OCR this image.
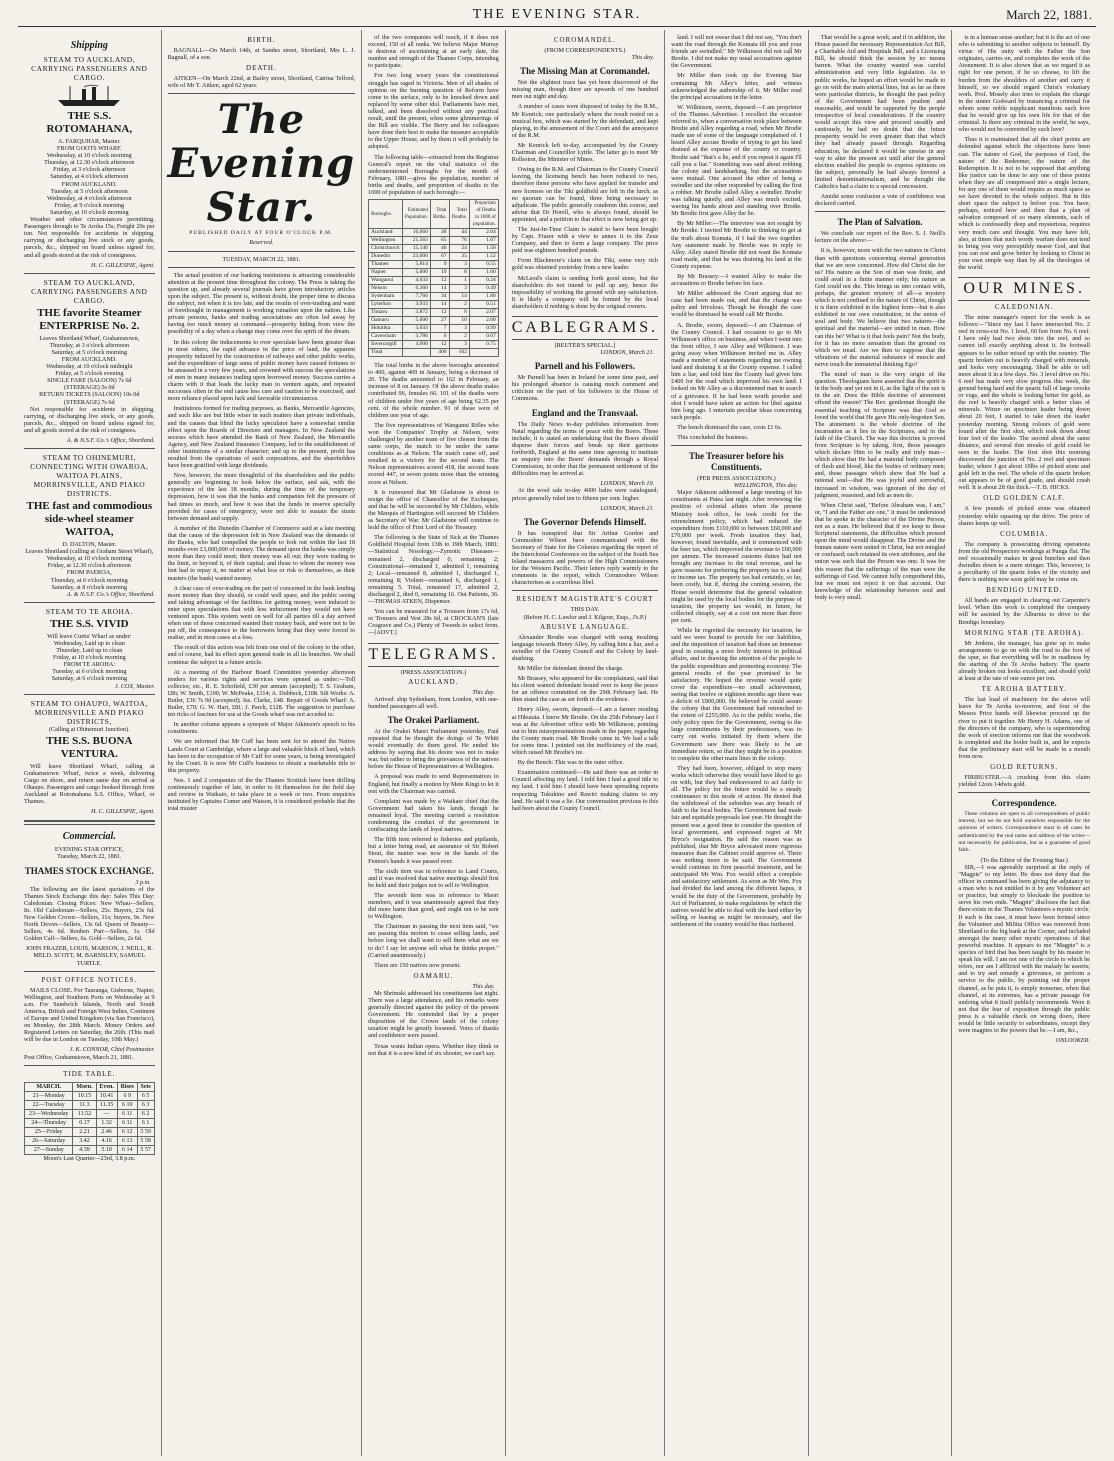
THE EVENING STAR.	March 22, 1881.
Shipping
STEAM TO AUCKLAND, CARRYING PASSENGERS AND CARGO.
THE S.S. ROTOMAHANA,
A. FARQUHAR, Master.
FROM GOOTS WHARF.
Wednesday, at 10 o'clock morning
Thursday, at 12.30 o'clock afternoon
Friday, at 3 o'clock afternoon
Saturday, at 4 o'clock afternoon
FROM AUCKLAND.
Tuesday, at 5 o'clock afternoon
Wednesday, at 4 o'clock afternoon
Friday, at 9 o'clock morning
Saturday, at 10 o'clock morning

Weather and other circumstances permitting. Passengers through to Te Aroha 15s; Freight 20s per ton. Not responsible for accidents in shipping, carrying or discharging live stock or any goods, parcels, &c., shipped on board unless signed for, and all goods stored at the risk of consignees.

H. C. GILLESPIE, Agent.
STEAM TO AUCKLAND, CARRYING PASSENGERS AND CARGO.
THE favorite Steamer ENTERPRISE No. 2.
Leaves Shortland Wharf, Grahamstown,
Thursday, at 3 o'clock afternoon
Saturday, at 5 o'clock morning
FROM AUCKLAND.
Wednesday, at 10 o'clock midnight
Friday, at 5 o'clock evening
SINGLE FARE (SALOON) 7s 6d
(STEERAGE) 5s 0d
RETURN TICKETS (SALOON) 10s 0d
(STEERAGE) 7s 6d

Not responsible for accidents in shipping, carrying, or discharging live stock, or any goods, parcels, &c., shipped on board unless signed for, and all goods stored at the risk of consignees.

A. & N.S.F. Co.'s Office, Shortland.
STEAM TO OHINEMURI, CONNECTING WITH OWAROA, WAITOA PLAINS, MORRINSVILLE, AND PIAKO DISTRICTS.
THE fast and commodious side-wheel steamer WAITOA,
D. DALTON, Master.
Leaves Shortland (calling at Graham Street Wharf),
Wednesday, at 10 o'clock morning
Friday, at 12.30 o'clock afternoon
FROM PAEROA,
Thursday, at 6 o'clock morning
Saturday, at 8 o'clock morning
A. & N.S.F. Co.'s Office, Shortland.
STEAM TO TE AROHA.
THE S.S. VIVID
Will leave Curtis' Wharf as under:
Wednesday, Laid up to clean
Thursday, Laid up to clean
Friday, at 10 o'clock morning
FROM TE AROHA:
Tuesday, at 6 o'clock morning
Saturday, at 6 o'clock morning
J. COX, Master.
STEAM TO OHAUPO, WAITOA, MORRINSVILLE AND PIAKO DISTRICTS,
(Calling at Ohinemuri Junction).
THE S.S. BUONA VENTURA.

Will leave Shortland Wharf, calling at Grahamstown Wharf, twice a week, delivering Cargo en shore, and return same day on arrival at Ohaupo. Passengers and cargo booked through from Auckland at Rotomahana S.S. Office, Wharf, or Thames.

H. C. GILLESPIE, Agent.
Commercial.
EVENING STAR OFFICE,
Tuesday, March 22, 1881.
THAMES STOCK EXCHANGE.
3 p.m.

The following are the latest quotations of the Thames Stock Exchange this day: Sales This Day: Caledonian. Closing Prices: New Whau—Sellers, 8s. Old Caledonian—Sellers, 25s. Buyers, 23s 6d. New Golden Crown—Sellers, 11s; buyers, 9s. New North Devon—Sellers, 13s 6d. Queen of Beauty—Sellers, 4s 6d. Reuben Parr—Sellers, 1s. Old Golden Calf—Sellers, 6s. Gold—Sellers, 2s 6d.

JOHN FRAZER, LOUIS, MARSON, J. NEILL, R. MELD. SCOTT, M. BARNSLEY, SAMUEL TURTLE.
POST OFFICE NOTICES.

MAILS CLOSE. For Tauranga, Gisborne, Napier, Wellington, and Southern Ports on Wednesday at 9 a.m. For Sandwich Islands, North and South America, British and Foreign West Indies, Continent of Europe and United Kingdom (via San Francisco), on Monday, the 28th March. Money Orders and Registered Letters on Saturday, the 26th. (This mail will be due in London on Tuesday, 10th May.)

J. K. CONNOR, Chief Postmaster.
Post Office, Grahamstown, March 21, 1881.
TIDE TABLE.
MARCH.	Morn.	Even.	Rises	Sets
21—Monday	10.15	10.41	6 9	6 5
22—Tuesday	11.3	11.35	6 10	6 3
23—Wednesday	11.52	—	6 11	6 2
24—Thursday	0.17	1.32	6 11	6 1
25—Friday	2.21	2.46	6 12	5 59
26—Saturday	3.42	4.16	6 13	5 58
27—Sunday	4.39	5.10	6 14	5 57
Moon's Last Quarter—23rd, 3.8 p.m.
BIRTH.

BAGNALL—On March 14th, at Sandes street, Shortland, Mrs L. J. Bagnall, of a son.

DEATH.

AITKEN—On March 22nd, at Bailey street, Shortland, Catrina Telford, wife of Mr T. Aitken, aged 62 years.

The Evening Star.
PUBLISHED DAILY AT FOUR O'CLOCK P.M.
Reserved.
TUESDAY, MARCH 22, 1881.

The actual position of our banking institutions is attracting considerable attention at the present time throughout the colony. The Press is taking the question up, and already several journals have given introductory articles upon the subject. The present is, without doubt, the proper time to discuss the subject, not when it is too late, and the results of over-trading and want of forethought in management is working ruination upon the nation. Like private persons, banks and trading associations are often led away by having too much money at command—prosperity hiding from view the possibility of a day when a change may come over the spirit of the dream.

In this colony the inducements to over speculate have been greater than in most others; the rapid advance in the price of land, the apparent prosperity induced by the construction of railways and other public works, and the expenditure of large sums of public money have caused fortunes to be amassed in a very few years, and crowned with success the speculations of men in many instances trading upon borrowed money. Success carries a charm with it that leads the lucky man to venture again, and repeated successes often in the end cause less care and caution to be exercised, and more reliance placed upon luck and favorable circumstances.

Institutions formed for trading purposes, as Banks, Mercantile Agencies, and such like are but little wiser in such matters than private individuals, and the causes that blind the lucky speculator have a somewhat similar effect upon the Boards of Directors and managers. In New Zealand the seceses which have attended the Bank of New Zealand, the Mercantile Agency, and New Zealand Insurance Company, led to the establishment of other institutions of a similar character; and up to the present, profit has resulted from the operations of such corporations, and the shareholders have been gratified with large dividends.

Now, however, the more thoughtful of the shareholders and the public generally are beginning to look below the surface, and ask, with the experience of the last 18 months, during the time of the temporary depression, how it was that the banks and companies felt the pressure of bad times so much, and how it was that the funds in reserve specially provided for cases of emergency, were not able to sustain the strain between demand and supply.

A member of the Dunedin Chamber of Commerce said at a late meeting that the cause of the depression felt in New Zealand was the demands of the Banks, who had compelled the people to fork out within the last 18 months over £3,000,000 of money. The demand upon the banks was simply more than they could meet; their money was all out; they were trading to the limit, or beyond it, of their capital; and those to whom the money was lent had to repay it, no matter at what loss or risk to themselves, as their masters (the bank) wanted money.

A clear case of over-trading on the part of concerned in the bank lending more money than they should, or could well spare, and the public seeing and taking advantage of the facilities for getting money, were induced to enter upon speculations that with less inducement they would not have ventured upon. This system went on well for all parties till a day arrived when one of those concerned wanted their money back, and were not to be put off, the consequence to the borrowers being that they were forced to realise, and in most cases at a loss.

The result of this action was felt from one end of the colony to the other, and of course, had its effect upon general trade in all its branches. We shall continue the subject in a future article.

At a meeting of the Harbour Board Committee yesterday afternoon tenders for various rights and services were opened as under:—Toll collector, etc., R. E. Schofield, £30 per annum (accepted); T. S. Graham, £86; W. Smith, £100; W. McPeake, £114; A. Dubbeck, £108. Silt Works: A. Butler, £36 7s 9d (accepted); Jas. Clarke, £48. Repair of Goods Wharf: A. Butler, £70; G. W. Hart, £81; J. Parch, £128. The suggestion to purchase ten ricks of fascines for use at the Goods wharf was not acceded to.

In another column appears a synopsis of Major Atkinson's speech to his constituents.

We are informed that Mr Cuff has been sent for to attend the Native Lands Court at Cambridge, where a large and valuable block of land, which has been in the occupation of Mr Cuff for some years, is being investigated by the Court. It is now Mr Cuff's business to obtain a marketable title to this property.

Nos. 1 and 2 companies of the the Thames Scottish have been drilling continuously together of late, in order to fit themselves for the field day and review in Waikato, to take place in a week or two. From enquiries instituted by Captains Comer and Watson, it is considered probable that the total muster

of the two companies will reach, if it does not exceed, 150 of all ranks. We believe Major Murray is desirous of ascertaining at an early date, the number and strength of the Thames Corps, intending to participate.

For two long weary years the constitutional struggle has raged in Victoria. Men of all shades of opinion on the burning question of Reform have come to the surface, only to be knocked down and replaced by some other idol. Parliaments have met, talked, and been dissolved without any practical result, until the present, when some glimmerings of the Bill are visible. The Berry and his colleagues have done their best to make the measure acceptable to the Upper House, and by them it will probably be adopted.

The following table—extracted from the Registrar General's report on the vital statistics of the undermentioned Boroughs for the month of February, 1881—gives the population, number of births and deaths, and proportion of deaths to the 1000 of population of each borough:—

Boroughs.	Estimated Population.	Total Births.	Total Deaths.	Proportion of Deaths to 1000 of population.
Auckland	16,660	48	44	2.64
Wellington	21,563	65	76	1.67
Christchurch	15,146	40	24	1.58
Dunedin	23,000	67	35	1.52
Thames	5,814	9	3	0.55
Napier	5,000	19	8	1.60
Wanganui	4,033	12	1	0.24
Nelson	6,360	14	3	0.49
Sydenham	7,766	34	14	1.80
Lyttelton	3,933	14	2	0.51
Timaru	3,872	12	8	2.07
Oamaru	5,000	27	10	2.00
Hokitika	3,033	7	3	0.99
Caversham	3,786	6	2	0.67
Invercargill	4,000	12	3	0.75
Total		400	162	

The total births in the above boroughs amounted to 400, against 409 in January, being a decrease of 20. The deaths amounted to 162 in February, an increase of 8 on January. Of the above deaths males contributed 96, females 66. 101 of the deaths were of children under five years of age being 62.35 per cent. of the whole number. 91 of these were of children one year of age.

The five representatives of Wanganui Rifles who won the Companies' Trophy at Nelson, were challenged by another team of five chosen from the same corps, the match to be under the same conditions as at Nelson. The match came off, and resulted in a victory for the second team. The Nelson representatives scored 418, the second team scored 447, or seven points more than the winning score at Nelson.

It is rumoured that Mr Gladstone is about to resign the office of Chancellor of the Exchequer, and that he will be succeeded by Mr Childers, while the Marquis of Hartington will succeed Mr Childers as Secretary of War. Mr Gladstone will continue to hold the office of First Lord of the Treasury.

The following is the State of Sick at the Thames Goldfield Hospital from 13th to 19th March, 1881:—Statistical Nosology.—Zymotic Diseases—remained 2, discharged 0, remaining 2; Constitutional—remained 1, admitted 1, remaining 2; Local—remained 8, admitted 1, discharged 1, remaining 8; Violent—remained 6, discharged 1, remaining 5. Total, remained 17, admitted 2, discharged 2, died 0, remaining 16. Out Patients, 36.—THOMAS ATKEN, Dispenser.

You can be measured for a Trousers from 17s 6d, or Trousers and Vest 28s 6d, at CROCKAN'S (late Cosgrave and Co.) Plenty of Tweeds to select from.—[ADVT.]

TELEGRAMS.
(PRESS ASSOCIATION.)
AUCKLAND.
This day.

Arrived: ship Sydenham, from London, with one-hundred passengers all well.

The Orakei Parliament.

At the Orakei Maori Parliament yesterday, Paul repeated that he thought the doings of Te Whiti would eventually do them good. He ended his address by saying that his desire was not to make war, but rather to bring the grievances of the natives before the House of Representatives at Wellington.

A proposal was made to send Representatives to England, but finally a motion by Mete Kingi to let it rest with the Chairman was carried.

Complaint was made by a Waikato chief that the Government had taken his lands, though he remained loyal. The meeting carried a resolution condemning the conduct of the government in confiscating the lands of loyal natives.

The fifth item referred to fisheries and pipilands, but a letter being read, an assurance of Sir Robert Stout, the matter was now in the hands of the Fenton's hands it was passed over.

The sixth item was in reference to Land Courts, and it was resolved that native meetings should first be held and their judges not to sell to Wellington.

The seventh item was in reference to Maori members, and it was unanimously agreed that they did more harm than good, and ought not to be sent to Wellington.

The Chairman in passing the next item said, "we are passing this motion to cease selling lands, and before long we shall want to sell them what are we to do? I say let anyone sell what he thinks proper." (Carried unanimously.)

There are 150 natives now present.

OAMARU.
This day.

Mr Shrimski addressed his constituents last night. There was a large attendance, and his remarks were generally directed against the policy of the present Government. He contended that by a proper disposition of the Crown lands of the colony taxation might be greatly lessened. Votes of thanks and confidence were passed.

Texas wants Indian opera. Whether they think or not that it is a new kind of six shooter, we can't say.

COROMANDEL.
(FROM CORRESPONDENTS.)
This day.
The Missing Man at Coromandel.

Not the slightest trace has yet been discovered of the missing man, though there are upwards of one hundred men out night and day.

A number of cases were disposed of today by the R.M., Mr Kenrick; one particularly where the result rested on a musical box, which was started by the defendant, and kept playing, to the amusement of the Court and the annoyance of the R.M.

Mr Kenrick left to-day, accompanied by the County Chairman and Councillor Lyttle. The latter go to meet Mr Rolleston, the Minister of Mines.

Owing to the R.M. and Chairman to the County Council leaving, the licensing bench has been reduced to two, therefore those persons who have applied for transfer and new licenses on the Tiki goldfield are left in the lurch, as no quorum can be found, three being necessary to adjudicate. The public generally condemn this course, and advise that Dr Horell, who is always found, should be appointed, and a petition to that effect is now being got up.

The Just-In-Time Claim is stated to have been bought by Capt. Frazer with a view to annex it to the Zeus Company, and then to form a large company. The price paid was eighteen hundred pounds.

From Blackmore's claim on the Tiki, some very rich gold was obtained yesterday from a new leader.

McLeod's claim is sending forth good stone, but the shareholders do not intend to pull up any, hence the impossibility of working the ground with any satisfaction. It is likely a company will be formed by the local shareholders if nothing is done by the original owners.

CABLEGRAMS.
[REUTER'S SPECIAL.]
LONDON, March 21.
Parnell and his Followers.

Mr Parnell has been in Ireland for some time past, and his prolonged absence is causing much comment and criticism on the part of his followers in the House of Commons.

England and the Transvaal.

The Daily News to-day publishes information from Natal regarding the terms of peace with the Boers. These include, it is stated an undertaking that the Boers should disperse their forces and break up their garrisons forthwith, England at the same time agreeing to institute an enquiry into the Boers' demands through a Royal Commission, in order that the permanent settlement of the difficulties may be arrived at.

LONDON, March 19.

At the wool sale to-day 4000 bales were catalogued; prices generally ruled ten to fifteen per cent. higher.

LONDON, March 21.
The Governor Defends Himself.

It has transpired that Sir Arthur Gordon and Commodore Wilson have communicated with the Secretary of State for the Colonies regarding the report of the Interclonial Conference on the subject of the South Sea Island massacres and powers of the High Commissioners for the Western Pacific. Their letters reply warmly to the comments in the report, which Commodore Wilson characterises as a scurrilous libel.

RESIDENT MAGISTRATE'S COURT
THIS DAY.
(Before H. C. Lawlor and J. Kilgour, Esqs., J's.P.)
ABUSIVE LANGUAGE.

Alexander Brodie was charged with using insulting language towards Henry Alley, by calling him a liar, and a swindler of the County Council and the Colony by land-sharking.

Mr Miller for defendant denied the charge.

Mr Brassey, who appeared for the complainant, said that his client wanted defendant bound over to keep the peace for an offence committed on the 29th February last. He then stated the case as set forth in the evidence.

Henry Alley, sworn, deposed:—I am a farmer residing at Hikutaia. I know Mr Brodie. On the 25th February last I was at the Advertiser office with Mr Wilkinson, pointing out to him misrepresentations made in the paper, regarding the County main road. Mr Brodie came in. We had a talk for some time. I pointed out the inefficiency of the road, which raised Mr Brodie's ire.

By the Bench: This was in the outer office.

Examination continued:—He said there was an order in Council affecting my land. I told him I had a good title to my land. I told him I should have been spreading reports respecting Tukukino and Rawiri making claims to my land. He said it was a lie. Our conversation previous to this had been about the County Council.

land. I will not swear that I did not say, "You don't want the road through the Komata till you and your friends are swindled." Mr Wilkinson did not call Mr Brodie. I did not make my usual accusations against the Government.

Mr Miller then took up the Evening Star containing Mr Alley's letter, and witness acknowledged the authorship of it. Mr Miller read the principal accusations in the letter.

W. Wilkinson, sworn, deposed:—I am proprietor of the Thames Advertiser. I recollect the occasion referred to, when a conversation took place between Brodie and Alley regarding a road, when Mr Brodie made use of some of the language complained of. I heard Alley accuse Brodie of trying to get his land drained at the expense of the county or country. Brodie said "that's a lie, and if you repeat it again I'll call you a liar." Something was said about robbing the colony and landsharking, but the accusations were mutual. One accused the other of being a swindler and the other responded by calling the first a robber. Mr Brodie called Alley a swindler. Brodie was talking quietly, and Alley was much excited, waving his hands about and standing over Brodie. Mr Brodie first gave Alley the lie.

By Mr Miller:—The interview was not sought by Mr Brodie. I invited Mr Brodie to thinking to get at the truth about Komata, if I had the two together. Any statement made by Brodie was in reply to Alley. Alley stated Brodie did not want the Komata road made, and that he was draining his land at the County expense.

By Mr Brassey:—I wanted Alley to make the accusations to Brodie before his face.

Mr Miller addressed the Court arguing that no case had been made out, and that the charge was paltry and frivolous. Though he thought the case would be dismissed he would call Mr Brodie.

A. Brodie, sworn, deposed:—I am Chairman of the County Council. I had occasion to go to Mr Wilkinson's office on business, and when I went into the front office, I saw Alley and Wilkinson. I was going away when Wilkinson invited me in. Alley made a number of statements regarding me owning land and draining it at the County expense. I called him a liar, and told him the County had given him £400 for the road which improved his own land. I looked on Mr Alley as a discontented man in search of a grievance. If he had been worth powder and shot I would have taken an action for libel against him long ago. I entertain peculiar ideas concerning such people.

The bench dismissed the case, costs £1 6s.

This concluded the business.

The Treasurer before his Constituents.
(PER PRESS ASSOCIATION.)
WELLINGTON, This day.

Major Atkinson addressed a large meeting of his constituents at Patea last night. After reviewing the position of colonial affairs when the present Ministry took office, he took credit for the retrenchment policy, which had reduced the expenditure from £110,000 to between £60,000 and £70,000 per week. Fresh taxation they had, however, found inevitable, and it commenced with the beer tax, which improved the revenue to £60,000 per annum. The increased customs duties had not brought any increase to the total revenue, and he gave reasons for preferring the property tax to a land or income tax. The property tax had certainly, so far, been costly, but if, during the coming session, the House would determine that the general valuation might be used by the local bodies for the purpose of taxation, the property tax would, in future, be collected cheaply, say at a cost not more than three per cent.

While he regretted the necessity for taxation, he said we were bound to provide for our liabilities, and the imposition of taxation had done an immense good in creating a more lively interest in political affairs, and in drawing the attention of the people to the public expenditure and promoting economy. The general results of the year promised to be satisfactory. He hoped the revenue would quite cover the expenditure—no small achievement, seeing that twelve or eighteen months ago there was a deficit of £900,000. He believed he could assure the colony that the Government had retrenched to the extent of £255,000. As to the public works, the only policy open for the Government, owing to the large commitments by their predecessors, was to carry out works initiated by them where the Government saw there was likely to be an immediate return, so that they might be in a position to complete the other main lines in the colony.

They had been, however, obliged to stop many works which otherwise they would have liked to go on with, but they had endeavoured to act fairly to all. The policy for the future would be a steady continuance in this mode of action. He denied that the withdrawal of the subsidies was any breach of faith to the local bodies. The Government had made fair and equitable proposals last year. He thought the present was a good time to consider the question of local government, and expressed regret at Mr Bryce's resignation. He said the reason was as published, that Mr Bryce advocated more vigorous measures than the Cabinet could approve of. There was nothing more to be said. The Government would continue its firm peaceful treatment, and he anticipated Mr Wm. Fox would effect a complete and satisfactory settlement. As soon as Mr Wm. Fox had divided the land among the different hapus, it would be the duty of the Government, probably by Act of Parliament, to make regulations by which the natives would be able to deal with the land either by selling or leasing as might be necessary, and the settlement of the country would be thus furthered.

That would be a great work, and if in addition, the House passed the necessary Representation Act Bill, a Charitable Aid and Hospitals Bill, and a Licensing Bill, he should think the session by no means barren. What the country wanted was careful administration and very little legislation. As to public works, he hoped an effort would be made to go on with the main arterial lines, but as far as there were particular districts, he thought the past policy of the Government had been prudent and reasonable, and would be supported by the people irrespective of local considerations. If the country would accept this view and proceed steadily and cautiously, he had no doubt that the future prosperity would be even greater than that which they had already passed through. Regarding education, he declared it would be unwise in any way to alter the present act until after the general election enabled the people to express opinions on the subject, personally he had always favored a limited denominationalism, and he thought the Catholics had a claim to a special concession.

Amidst some confusion a vote of confidence was declared carried.

The Plan of Salvation.

We conclude our report of the Rev. S. J. Neill's lecture on the above:—

It is, however, more with the two natures in Christ than with questions concerning eternal generation that we are now concerned. How did Christ die for us? His nature as the Son of man was finite, and could avail in a finite manner only; his nature as God could not die. This brings us into contact with, perhaps, the greatest mystery of all—a mystery which is not confined to the nature of Christ, though it is there exhibited in the highest form—but is also exhibited in our own constitution, in the union of soul and body. We believe that two natures—the spiritual and the material—are united in man. How can this be? What is it that feels pain? Not the body, for it has no more sensation than the ground on which we tread. Are we then to suppose that the vibrations of the material substance of muscle and nerve touch the immaterial thinking Ego?

The mind of man is the very origin of the question. Theologians have asserted that the spirit is in the body and yet not in it, as the light of the sun is in the air. Does the Bible doctrine of atonement offend the reason? The Rev. gentleman thought the essential teaching of Scripture was that God so loved the world that He gave His only-begotten Son. The atonement is the whole doctrine of the incarnation as it lies in the Scriptures, and in the faith of the Church. The way this doctrine is proved from Scripture is by taking, first, those passages which declare Him to be really and truly man—which show that He had a material body composed of flesh and blood, like the bodies of ordinary men; and, those passages which show that He had a rational soul—that He was joyful and sorrowful, increased in wisdom, was ignorant of the day of judgment, reasoned, and felt as men do.

When Christ said, "Before Abraham was, I am," or, "I and the Father are one," it must be understood that he spoke in the character of the Divine Person, not as a man. He believed that if we keep to these Scriptural statements, the difficulties which pressed upon the mind would disappear. The Divine and the human nature were united in Christ, but not mingled or confused; each retained its own attributes, and the union was such that the Person was one. It was for this reason that the sufferings of the man were the sufferings of God. We cannot fully comprehend this, but we must not reject it on that account. Our knowledge of the relationship between soul and body is very small.

is in a human sense another; but it is the act of one who is submitting to another subjects to himself. By virtue of His unity with the Father the Son originates, carries on, and completes the work of the Atonement. It is also shown that as we regard it as right for one person, if he so choose, to lift the burden from the shoulders of another and carry it himself, so we should regard Christ's voluntary work. Prof. Mosely also tries to explain the change in the sinner Godward by instancing a criminal for whom some noble supplicant manifests such love that he would give up his own life for that of the criminal. Is there any criminal in the world, he says, who would not be converted by such love?

Thus it is maintained that all the chief points are defended against which the objections have been cast. The nature of God, the purposes of God, the nature of the Redeemer, the nature of the Redemption. It is not to be supposed that anything like justice can be done to any one of these points when they are all compressed into a single lecture, for any one of them would require as much space as we have devoted to the whole subject. But in this short space the subject is before you. You have, perhaps, noticed how and then that a plan of salvation composed of so many elements, each of which is confessedly deep and mysterious, requires very much care and thought. You may have felt, also, at times that such wordy warfare does not tend to bring you very perceptibly nearer God, and that you can rest and grow better by looking to Christ in your own simple way than by all the theologies of the world.

OUR MINES.
CALEDONIAN.

The mine manager's report for the week is as follows:—"Since my last I have intersected No. 2 reef in cross-cut No. 1 level, 60 feet from No. 6 reef. I have only had two shots into the reef, and so cannot tell exactly anything about it. Its footwall appears to be rather mixed up with the country. The quartz broken out is heavily charged with minerals, and looks very encouraging. Shall be able to tell more about it in a few days. No. 3 level drive on No. 6 reef has made very slow progress this week, the ground being hard and the quartz full of large crooks or vugs, and the whole is looking better for gold, as the reef is heavily charged with a better class of minerals. Winze on specimen leader being down about 20 feet, I started to take down the leader yesterday morning. Strong colours of gold were found after the first shot, which took down about four feet of the leader. The second about the same distance, and several thin streaks of gold could be seen in the leader. The first shot this morning discovered the junction of No. 2 reef and specimen leader, where I got about 10lbs of picked stone and gold left in the reef. The whole of the quartz broken out appears to be of good grade, and should crush well. It is about 2ft 6in thick.—T. B. HICKS.

OLD GOLDEN CALF.

A few pounds of picked stone was obtained yesterday while squaring up the drive. The price of shares keeps up well.

COLUMBIA.

The company is prosecuting driving operations from the old Prospectors workings at Punga flat. The reef occasionally makes in great bunches and then dwindles down to a mere stringer. This, however, is a peculiarity of the quartz lodes of the vicinity and there is nothing now soon gold may be come on.

BENDIGO UNITED.

All hands are engaged in clearing out Carpenter's level. When this work is completed the company will be assisted by the Alburnia to drive to the Bendigo boundary.

MORNING STAR (TE AROHA).

Mr Jenkins, the manager, has gone up to make arrangements to go on with the road to the foot of the spur, so that everything will be in readiness by the starting of the Te Aroha battery. The quartz already broken out looks excellent, and should yield at least at the rate of one ounce per ton.

TE AROHA BATTERY.

The last load of machinery for the above will leave for Te Aroha to-morrow, and four of the Messrs Price hands will likewise proceed up the river to put it together. Mr Henry H. Adams, one of the directors of the company, who is superintending the work of erection informs me that the woodwork is completed and the boiler built in, and he expects that the preliminary start will be made in a month from now.

GOLD RETURNS.

FIRIBUSTER.—A crushing from this claim yielded 12ozs 14dwts gold.

Correspondence.

These columns are open to all correspondents of public interest, but we do not hold ourselves responsible for the opinions of writers. Correspondence must in all cases be authenticated by the real name and address of the writer—not necessarily for publication, but as a guarantee of good faith.

(To the Editor of the Evening Star.)

SIR,—I was agreeably surprised at the reply of "Magpie" to my letter. He does not deny that the officer in command has been giving the adjutancy to a man who is not entitled to it by any Volunteer act or practice, but simply to blockade the position to serve his own ends. "Magpie" discloses the fact that there exists in the Thames Volunteers a mystic circle. If such is the case, it must have been formed since the Volunteer and Militia Office was removed from Shortland to the big bank at the Corner, and included amongst the many other mystic operations of that powerful machine. It appears to me "Magpie" is a species of bird that has been taught by his master to speak his will. I am not one of the circle to which he refers, nor am I afflicted with the malady he asserts; and to try and remedy a grievance, or perform a service to the public, by pointing out the proper channel, as he puts it, is simply nonsense, when that channel, at its extremes, has a private passage for undoing what it itself publicly recommends. Were it not that the fear of exposition through the public press is a valuable check on wrong doers, there would be little security to subordinates, except they were magpies to the powers that be.—I am, &c.,

ONLOOKER.
